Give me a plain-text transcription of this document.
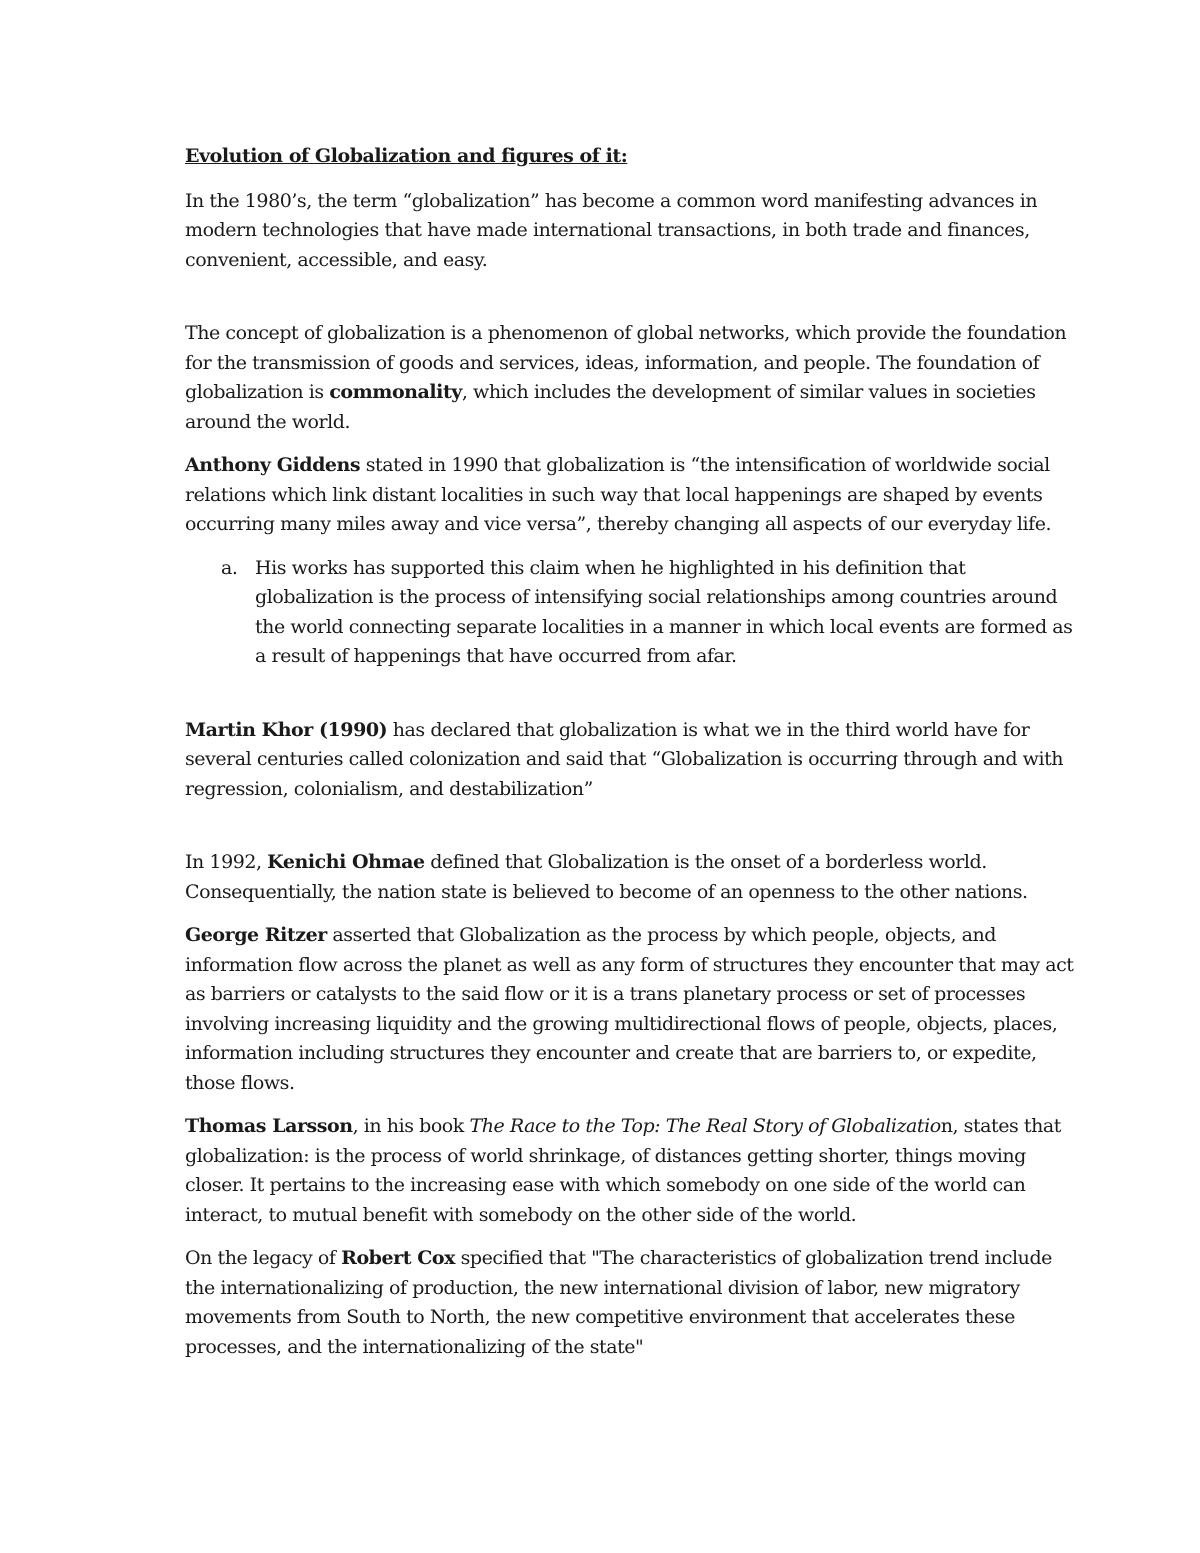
Evolution of Globalization and figures of it:

In the 1980’s, the term “globalization” has become a common word manifesting advances in modern technologies that have made international transactions, in both trade and finances, convenient, accessible, and easy.

The concept of globalization is a phenomenon of global networks, which provide the foundation for the transmission of goods and services, ideas, information, and people. The foundation of globalization is commonality, which includes the development of similar values in societies around the world.

Anthony Giddens stated in 1990 that globalization is “the intensification of worldwide social relations which link distant localities in such way that local happenings are shaped by events occurring many miles away and vice versa”, thereby changing all aspects of our everyday life.

a. His works has supported this claim when he highlighted in his definition that globalization is the process of intensifying social relationships among countries around the world connecting separate localities in a manner in which local events are formed as a result of happenings that have occurred from afar.

Martin Khor (1990) has declared that globalization is what we in the third world have for several centuries called colonization and said that “Globalization is occurring through and with regression, colonialism, and destabilization”

In 1992, Kenichi Ohmae defined that Globalization is the onset of a borderless world. Consequentially, the nation state is believed to become of an openness to the other nations.

George Ritzer asserted that Globalization as the process by which people, objects, and information flow across the planet as well as any form of structures they encounter that may act as barriers or catalysts to the said flow or it is a trans planetary process or set of processes involving increasing liquidity and the growing multidirectional flows of people, objects, places, information including structures they encounter and create that are barriers to, or expedite, those flows.

Thomas Larsson, in his book The Race to the Top: The Real Story of Globalization, states that globalization: is the process of world shrinkage, of distances getting shorter, things moving closer. It pertains to the increasing ease with which somebody on one side of the world can interact, to mutual benefit with somebody on the other side of the world.

On the legacy of Robert Cox specified that "The characteristics of globalization trend include the internationalizing of production, the new international division of labor, new migratory movements from South to North, the new competitive environment that accelerates these processes, and the internationalizing of the state"
